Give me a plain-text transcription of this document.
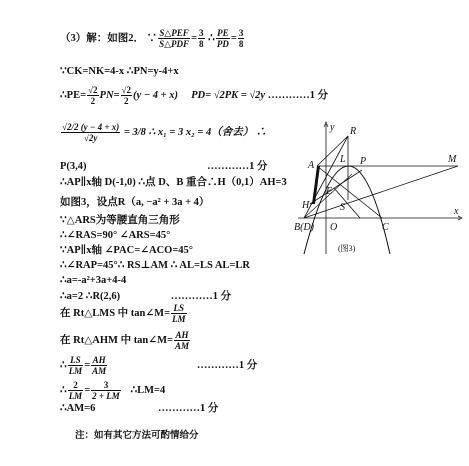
（3）解：如图2． ∵ $\frac{\text{S△PEF}}{\text{S△PDF}} = \frac{3}{8}$ ∴ $\frac{PE}{PD} = \frac{3}{8}$
∵CK=NK=4-x ∴PN=y-4+x
∴PE= $\frac{√2}{2} PN= \frac{√2}{2} (y - 4 + x)$ PD= √2PK = √2y …………1 分
$\frac{√2/2 (y - 4 + x)}{√2y} = 3/8$ ∴ x₁ = 3 x₂ = 4（舍去） ∴
P(3,4)	…………1 分
∴AP∥x轴 D(-1,0) ∴点 D、B 重合∴H（0,1）AH=3
如图3，设点R（a, −a² + 3a + 4）
∵△ARS为等腰直角三角形
∴∠RAS=90° ∠ARS=45°
∵AP∥x轴 ∠PAC=∠ACO=45°
∴∠RAP=45°∴ RS⊥AM ∴ AL=LS AL=LR
∴a=-a²+3a+4-4
∴a=2 ∴R(2,6)	…………1 分
在 Rt△LMS 中 tan∠M= $\frac{LS}{LM}$
在 Rt△AHM 中 tan∠M= $\frac{AH}{AM}$
∴ $\frac{LS}{LM} = \frac{AH}{AM}$	…………1 分
∴ $\frac{2}{LM} = \frac{3}{2 + LM}$ ∴LM=4
∴AM=6	…………1 分
注：如有其它方法可酌情给分
y R
A
L P	M
E
H	S
B(D) O	C
x
(图3)
